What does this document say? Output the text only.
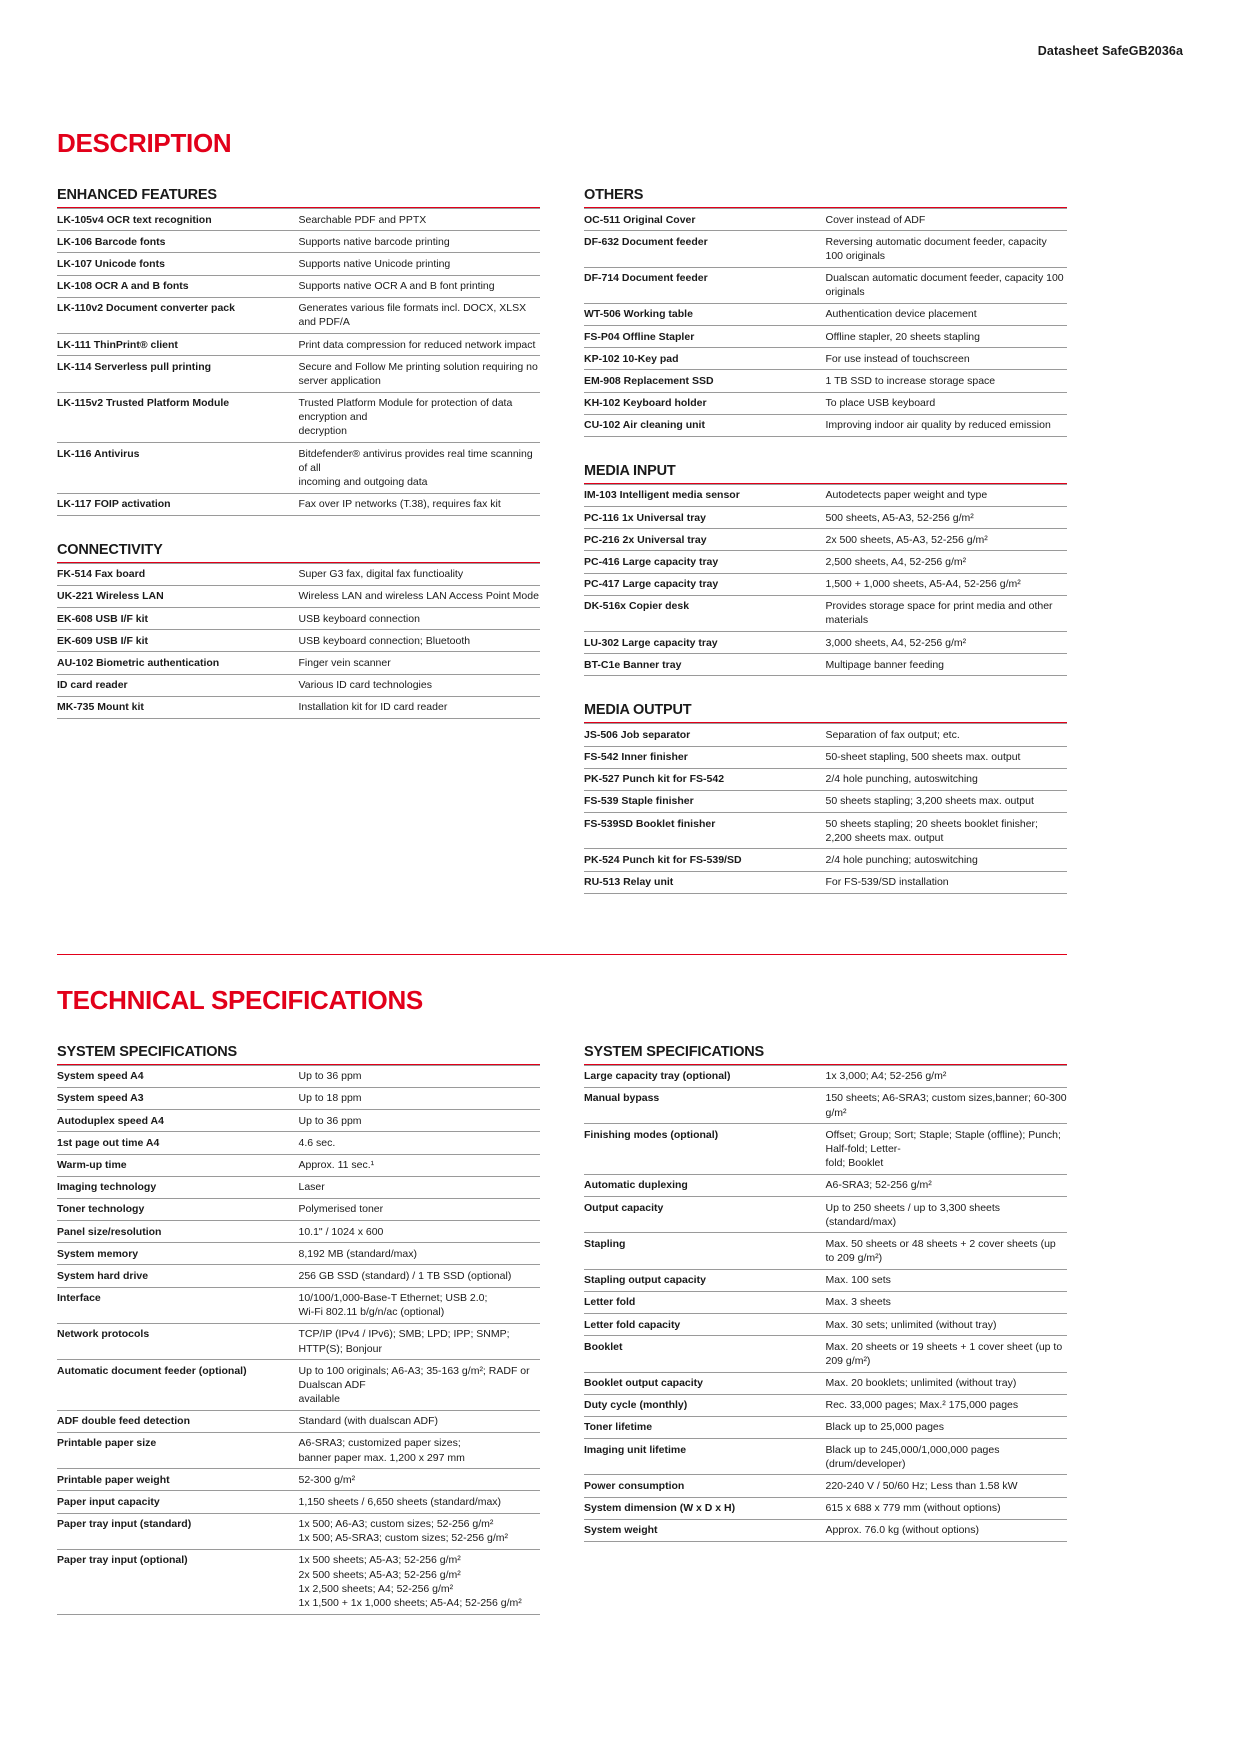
Datasheet SafeGB2036a
DESCRIPTION
ENHANCED FEATURES

LK-105v4 OCR text recognition	Searchable PDF and PPTX
LK-106 Barcode fonts	Supports native barcode printing
LK-107 Unicode fonts	Supports native Unicode printing
LK-108 OCR A and B fonts	Supports native OCR A and B font printing
LK-110v2 Document converter pack	Generates various file formats incl. DOCX, XLSX and PDF/A
LK-111 ThinPrint® client	Print data compression for reduced network impact
LK-114 Serverless pull printing	Secure and Follow Me printing solution requiring no server application
LK-115v2 Trusted Platform Module	Trusted Platform Module for protection of data encryption and
	decryption
LK-116 Antivirus	Bitdefender® antivirus provides real time scanning of all
	incoming and outgoing data
LK-117 FOIP activation	Fax over IP networks (T.38), requires fax kit
CONNECTIVITY

FK-514 Fax board	Super G3 fax, digital fax functioality
UK-221 Wireless LAN	Wireless LAN and wireless LAN Access Point Mode
EK-608 USB I/F kit	USB keyboard connection
EK-609 USB I/F kit	USB keyboard connection; Bluetooth
AU-102 Biometric authentication	Finger vein scanner
ID card reader	Various ID card technologies
MK-735 Mount kit	Installation kit for ID card reader
OTHERS

OC-511 Original Cover	Cover instead of ADF
DF-632 Document feeder	Reversing automatic document feeder, capacity 100 originals
DF-714 Document feeder	Dualscan automatic document feeder, capacity 100 originals
WT-506 Working table	Authentication device placement
FS-P04 Offline Stapler	Offline stapler, 20 sheets stapling
KP-102 10-Key pad	For use instead of touchscreen
EM-908 Replacement SSD	1 TB SSD to increase storage space
KH-102 Keyboard holder	To place USB keyboard
CU-102 Air cleaning unit	Improving indoor air quality by reduced emission
MEDIA INPUT

IM-103 Intelligent media sensor	Autodetects paper weight and type
PC-116 1x Universal tray	500 sheets, A5-A3, 52-256 g/m²
PC-216 2x Universal tray	2x 500 sheets, A5-A3, 52-256 g/m²
PC-416 Large capacity tray	2,500 sheets, A4, 52-256 g/m²
PC-417 Large capacity tray	1,500 + 1,000 sheets, A5-A4, 52-256 g/m²
DK-516x Copier desk	Provides storage space for print media and other materials
LU-302 Large capacity tray	3,000 sheets, A4, 52-256 g/m²
BT-C1e Banner tray	Multipage banner feeding
MEDIA OUTPUT

JS-506 Job separator	Separation of fax output; etc.
FS-542 Inner finisher	50-sheet stapling, 500 sheets max. output
PK-527 Punch kit for FS-542	2/4 hole punching, autoswitching
FS-539 Staple finisher	50 sheets stapling; 3,200 sheets max. output
FS-539SD Booklet finisher	50 sheets stapling; 20 sheets booklet finisher;
	2,200 sheets max. output
PK-524 Punch kit for FS-539/SD	2/4 hole punching; autoswitching
RU-513 Relay unit	For FS-539/SD installation
TECHNICAL SPECIFICATIONS
SYSTEM SPECIFICATIONS

System speed A4	Up to 36 ppm
System speed A3	Up to 18 ppm
Autoduplex speed A4	Up to 36 ppm
1st page out time A4	4.6 sec.
Warm-up time	Approx. 11 sec.¹
Imaging technology	Laser
Toner technology	Polymerised toner
Panel size/resolution	10.1" / 1024 x 600
System memory	8,192 MB (standard/max)
System hard drive	256 GB SSD (standard) / 1 TB SSD (optional)
Interface	10/100/1,000-Base-T Ethernet; USB 2.0;
	Wi-Fi 802.11 b/g/n/ac (optional)
Network protocols	TCP/IP (IPv4 / IPv6); SMB; LPD; IPP; SNMP; HTTP(S); Bonjour
Automatic document feeder (optional)	Up to 100 originals; A6-A3; 35-163 g/m²; RADF or Dualscan ADF
	available
ADF double feed detection	Standard (with dualscan ADF)
Printable paper size	A6-SRA3; customized paper sizes;
	banner paper max. 1,200 x 297 mm
Printable paper weight	52-300 g/m²
Paper input capacity	1,150 sheets / 6,650 sheets (standard/max)
Paper tray input (standard)	1x 500; A6-A3; custom sizes; 52-256 g/m²
	1x 500; A5-SRA3; custom sizes; 52-256 g/m²
Paper tray input (optional)	1x 500 sheets; A5-A3; 52-256 g/m²
	2x 500 sheets; A5-A3; 52-256 g/m²
	1x 2,500 sheets; A4; 52-256 g/m²
	1x 1,500 + 1x 1,000 sheets; A5-A4; 52-256 g/m²
SYSTEM SPECIFICATIONS

Large capacity tray (optional)	1x 3,000; A4; 52-256 g/m²
Manual bypass	150 sheets; A6-SRA3; custom sizes,banner; 60-300 g/m²
Finishing modes (optional)	Offset; Group; Sort; Staple; Staple (offline); Punch; Half-fold; Letter-
	fold; Booklet
Automatic duplexing	A6-SRA3; 52-256 g/m²
Output capacity	Up to 250 sheets / up to 3,300 sheets (standard/max)
Stapling	Max. 50 sheets or 48 sheets + 2 cover sheets (up to 209 g/m²)
Stapling output capacity	Max. 100 sets
Letter fold	Max. 3 sheets
Letter fold capacity	Max. 30 sets; unlimited (without tray)
Booklet	Max. 20 sheets or 19 sheets + 1 cover sheet (up to 209 g/m²)
Booklet output capacity	Max. 20 booklets; unlimited (without tray)
Duty cycle (monthly)	Rec. 33,000 pages; Max.² 175,000 pages
Toner lifetime	Black up to 25,000 pages
Imaging unit lifetime	Black up to 245,000/1,000,000 pages (drum/developer)
Power consumption	220-240 V / 50/60 Hz; Less than 1.58 kW
System dimension (W x D x H)	615 x 688 x 779 mm (without options)
System weight	Approx. 76.0 kg (without options)
